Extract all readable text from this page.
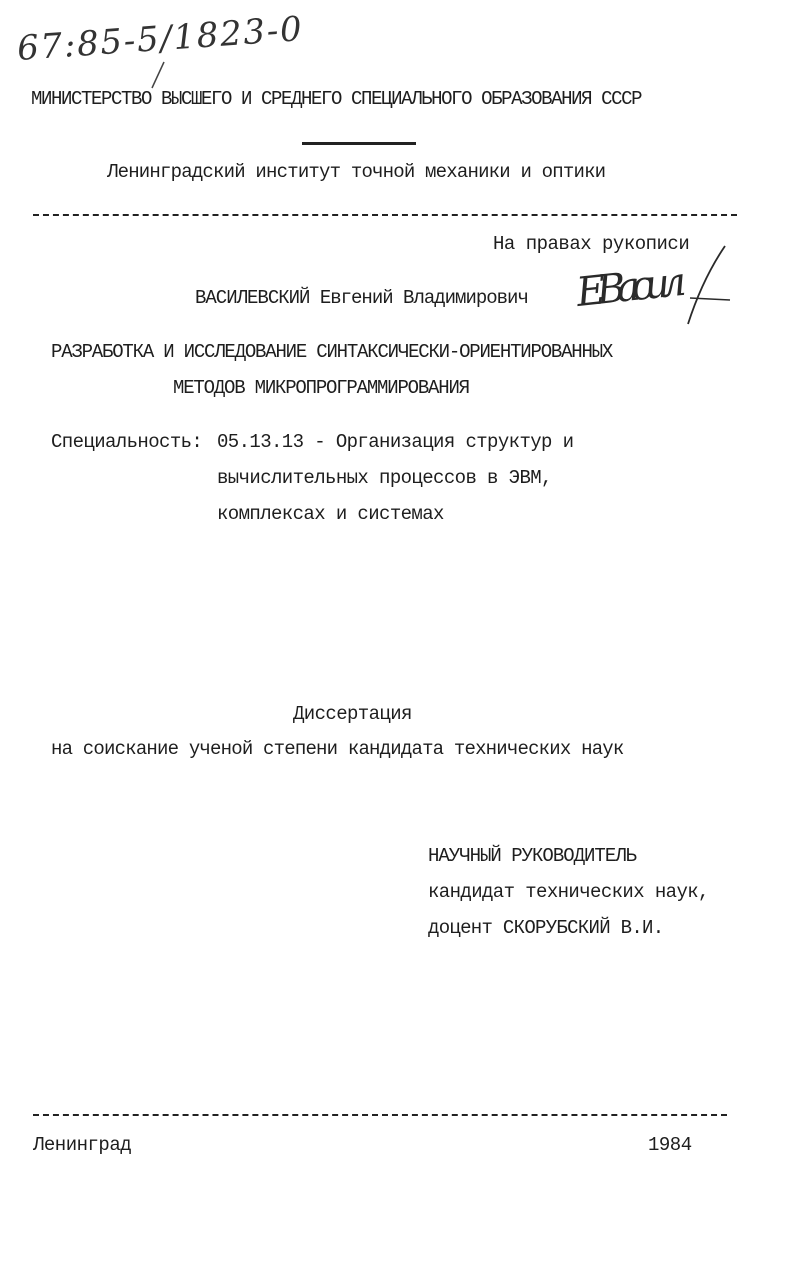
67:85-5/1823-0
МИНИСТЕРСТВО ВЫСШЕГО И СРЕДНЕГО СПЕЦИАЛЬНОГО ОБРАЗОВАНИЯ СССР
Ленинградский институт точной механики и оптики
На правах рукописи
ВАСИЛЕВСКИЙ Евгений Владимирович ЕВасил
РАЗРАБОТКА И ИССЛЕДОВАНИЕ СИНТАКСИЧЕСКИ-ОРИЕНТИРОВАННЫХ
МЕТОДОВ МИКРОПРОГРАММИРОВАНИЯ
Специальность: 05.13.13 - Организация структур и
вычислительных процессов в ЭВМ,
комплексах и системах
Диссертация
на соискание ученой степени кандидата технических наук
НАУЧНЫЙ РУКОВОДИТЕЛЬ
кандидат технических наук,
доцент СКОРУБСКИЙ В.И.
Ленинград	1984
